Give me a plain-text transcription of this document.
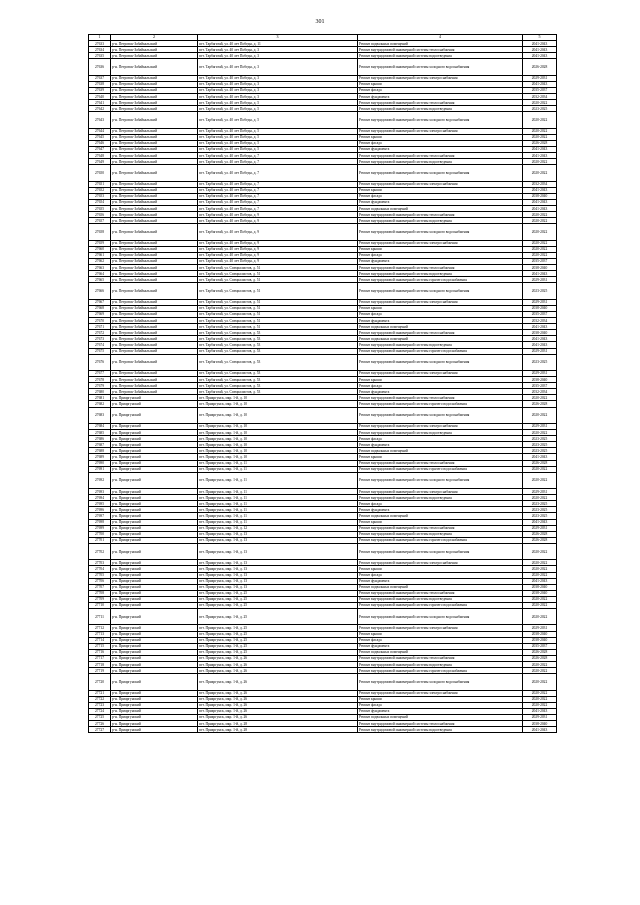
301
1	2	3	4	5
27633	р-н. Петровск-Забайкальский	пгт. Тарбагатай, ул. 40 лет Победы, д. 11	Ремонт подвальных помещений	2041-2043
27634	р-н. Петровск-Забайкальский	пгт. Тарбагатай, ул. 40 лет Победы, д. 3	Ремонт внутридомовой инженерной системы теплоснабжения	2041-2043
27635	р-н. Петровск-Забайкальский	пгт. Тарбагатай, ул. 40 лет Победы, д. 3	Ремонт внутридомовой инженерной системы водоотведения	2041-2043
27636	р-н. Петровск-Забайкальский	пгт. Тарбагатай, ул. 40 лет Победы, д. 3	Ремонт внутридомовой инженерной системы холодного водоснабжения	2026-2028
27637	р-н. Петровск-Забайкальский	пгт. Тарбагатай, ул. 40 лет Победы, д. 3	Ремонт внутридомовой инженерной системы электроснабжения	2029-2031
27638	р-н. Петровск-Забайкальский	пгт. Тарбагатай, ул. 40 лет Победы, д. 3	Ремонт крыши	2041-2043
27639	р-н. Петровск-Забайкальский	пгт. Тарбагатай, ул. 40 лет Победы, д. 3	Ремонт фасада	2035-2037
27640	р-н. Петровск-Забайкальский	пгт. Тарбагатай, ул. 40 лет Победы, д. 3	Ремонт фундамента	2032-2034
27641	р-н. Петровск-Забайкальский	пгт. Тарбагатай, ул. 40 лет Победы, д. 5	Ремонт внутридомовой инженерной системы теплоснабжения	2020-2022
27642	р-н. Петровск-Забайкальский	пгт. Тарбагатай, ул. 40 лет Победы, д. 5	Ремонт внутридомовой инженерной системы водоотведения	2023-2025
27643	р-н. Петровск-Забайкальский	пгт. Тарбагатай, ул. 40 лет Победы, д. 5	Ремонт внутридомовой инженерной системы холодного водоснабжения	2020-2022
27644	р-н. Петровск-Забайкальский	пгт. Тарбагатай, ул. 40 лет Победы, д. 5	Ремонт внутридомовой инженерной системы электроснабжения	2020-2022
27645	р-н. Петровск-Забайкальский	пгт. Тарбагатай, ул. 40 лет Победы, д. 5	Ремонт крыши	2020-2022
27646	р-н. Петровск-Забайкальский	пгт. Тарбагатай, ул. 40 лет Победы, д. 5	Ремонт фасада	2026-2028
27647	р-н. Петровск-Забайкальский	пгт. Тарбагатай, ул. 40 лет Победы, д. 5	Ремонт фундамента	2041-2043
27648	р-н. Петровск-Забайкальский	пгт. Тарбагатай, ул. 40 лет Победы, д. 7	Ремонт внутридомовой инженерной системы теплоснабжения	2041-2043
27649	р-н. Петровск-Забайкальский	пгт. Тарбагатай, ул. 40 лет Победы, д. 7	Ремонт внутридомовой инженерной системы водоотведения	2020-2022
27650	р-н. Петровск-Забайкальский	пгт. Тарбагатай, ул. 40 лет Победы, д. 7	Ремонт внутридомовой инженерной системы холодного водоснабжения	2020-2022
27651	р-н. Петровск-Забайкальский	пгт. Тарбагатай, ул. 40 лет Победы, д. 7	Ремонт внутридомовой инженерной системы электроснабжения	2032-2034
27652	р-н. Петровск-Забайкальский	пгт. Тарбагатай, ул. 40 лет Победы, д. 7	Ремонт крыши	2041-2043
27653	р-н. Петровск-Забайкальский	пгт. Тарбагатай, ул. 40 лет Победы, д. 7	Ремонт фасада	2038-2040
27654	р-н. Петровск-Забайкальский	пгт. Тарбагатай, ул. 40 лет Победы, д. 7	Ремонт фундамента	2041-2043
27655	р-н. Петровск-Забайкальский	пгт. Тарбагатай, ул. 40 лет Победы, д. 7	Ремонт подвальных помещений	2041-2043
27656	р-н. Петровск-Забайкальский	пгт. Тарбагатай, ул. 40 лет Победы, д. 9	Ремонт внутридомовой инженерной системы теплоснабжения	2020-2022
27657	р-н. Петровск-Забайкальский	пгт. Тарбагатай, ул. 40 лет Победы, д. 9	Ремонт внутридомовой инженерной системы водоотведения	2020-2022
27658	р-н. Петровск-Забайкальский	пгт. Тарбагатай, ул. 40 лет Победы, д. 9	Ремонт внутридомовой инженерной системы холодного водоснабжения	2020-2022
27659	р-н. Петровск-Забайкальский	пгт. Тарбагатай, ул. 40 лет Победы, д. 9	Ремонт внутридомовой инженерной системы электроснабжения	2020-2022
27660	р-н. Петровск-Забайкальский	пгт. Тарбагатай, ул. 40 лет Победы, д. 9	Ремонт крыши	2020-2022
27661	р-н. Петровск-Забайкальский	пгт. Тарбагатай, ул. 40 лет Победы, д. 9	Ремонт фасада	2020-2022
27662	р-н. Петровск-Забайкальский	пгт. Тарбагатай, ул. 40 лет Победы, д. 9	Ремонт фундамента	2035-2037
27663	р-н. Петровск-Забайкальский	пгт. Тарбагатай, ул. Специалистов, д. 51	Ремонт внутридомовой инженерной системы теплоснабжения	2038-2040
27664	р-н. Петровск-Забайкальский	пгт. Тарбагатай, ул. Специалистов, д. 51	Ремонт внутридомовой инженерной системы водоотведения	2041-2043
27665	р-н. Петровск-Забайкальский	пгт. Тарбагатай, ул. Специалистов, д. 51	Ремонт внутридомовой инженерной системы горячего водоснабжения	2029-2031
27666	р-н. Петровск-Забайкальский	пгт. Тарбагатай, ул. Специалистов, д. 51	Ремонт внутридомовой инженерной системы холодного водоснабжения	2023-2025
27667	р-н. Петровск-Забайкальский	пгт. Тарбагатай, ул. Специалистов, д. 51	Ремонт внутридомовой инженерной системы электроснабжения	2029-2031
27668	р-н. Петровск-Забайкальский	пгт. Тарбагатай, ул. Специалистов, д. 51	Ремонт крыши	2038-2040
27669	р-н. Петровск-Забайкальский	пгт. Тарбагатай, ул. Специалистов, д. 51	Ремонт фасада	2035-2037
27670	р-н. Петровск-Забайкальский	пгт. Тарбагатай, ул. Специалистов, д. 51	Ремонт фундамента	2032-2034
27671	р-н. Петровск-Забайкальский	пгт. Тарбагатай, ул. Специалистов, д. 51	Ремонт подвальных помещений	2041-2043
27672	р-н. Петровск-Забайкальский	пгт. Тарбагатай, ул. Специалистов, д. 53	Ремонт внутридомовой инженерной системы теплоснабжения	2038-2040
27673	р-н. Петровск-Забайкальский	пгт. Тарбагатай, ул. Специалистов, д. 53	Ремонт подвальных помещений	2041-2043
27674	р-н. Петровск-Забайкальский	пгт. Тарбагатай, ул. Специалистов, д. 53	Ремонт внутридомовой инженерной системы водоотведения	2041-2043
27675	р-н. Петровск-Забайкальский	пгт. Тарбагатай, ул. Специалистов, д. 53	Ремонт внутридомовой инженерной системы горячего водоснабжения	2029-2031
27676	р-н. Петровск-Забайкальский	пгт. Тарбагатай, ул. Специалистов, д. 53	Ремонт внутридомовой инженерной системы холодного водоснабжения	2023-2025
27677	р-н. Петровск-Забайкальский	пгт. Тарбагатай, ул. Специалистов, д. 53	Ремонт внутридомовой инженерной системы электроснабжения	2029-2031
27678	р-н. Петровск-Забайкальский	пгт. Тарбагатай, ул. Специалистов, д. 53	Ремонт крыши	2038-2040
27679	р-н. Петровск-Забайкальский	пгт. Тарбагатай, ул. Специалистов, д. 53	Ремонт фасада	2035-2037
27680	р-н. Петровск-Забайкальский	пгт. Тарбагатай, ул. Специалистов, д. 53	Ремонт фундамента	2032-2034
27681	р-н. Приаргунский	пгт. Приаргунск, мкр. 1-й, д. 10	Ремонт внутридомовой инженерной системы теплоснабжения	2020-2022
27682	р-н. Приаргунский	пгт. Приаргунск, мкр. 1-й, д. 10	Ремонт внутридомовой инженерной системы горячего водоснабжения	2026-2028
27683	р-н. Приаргунский	пгт. Приаргунск, мкр. 1-й, д. 10	Ремонт внутридомовой инженерной системы холодного водоснабжения	2020-2022
27684	р-н. Приаргунский	пгт. Приаргунск, мкр. 1-й, д. 10	Ремонт внутридомовой инженерной системы электроснабжения	2029-2031
27685	р-н. Приаргунский	пгт. Приаргунск, мкр. 1-й, д. 10	Ремонт внутридомовой инженерной системы водоотведения	2020-2022
27686	р-н. Приаргунский	пгт. Приаргунск, мкр. 1-й, д. 10	Ремонт фасада	2023-2025
27687	р-н. Приаргунский	пгт. Приаргунск, мкр. 1-й, д. 10	Ремонт фундамента	2023-2025
27688	р-н. Приаргунский	пгт. Приаргунск, мкр. 1-й, д. 10	Ремонт подвальных помещений	2023-2025
27689	р-н. Приаргунский	пгт. Приаргунск, мкр. 1-й, д. 10	Ремонт крыши	2041-2043
27690	р-н. Приаргунский	пгт. Приаргунск, мкр. 1-й, д. 11	Ремонт внутридомовой инженерной системы теплоснабжения	2026-2028
27691	р-н. Приаргунский	пгт. Приаргунск, мкр. 1-й, д. 11	Ремонт внутридомовой инженерной системы горячего водоснабжения	2020-2022
27692	р-н. Приаргунский	пгт. Приаргунск, мкр. 1-й, д. 11	Ремонт внутридомовой инженерной системы холодного водоснабжения	2020-2022
27693	р-н. Приаргунский	пгт. Приаргунск, мкр. 1-й, д. 11	Ремонт внутридомовой инженерной системы электроснабжения	2029-2031
27694	р-н. Приаргунский	пгт. Приаргунск, мкр. 1-й, д. 11	Ремонт внутридомовой инженерной системы водоотведения	2020-2022
27695	р-н. Приаргунский	пгт. Приаргунск, мкр. 1-й, д. 11	Ремонт фасада	2023-2025
27696	р-н. Приаргунский	пгт. Приаргунск, мкр. 1-й, д. 11	Ремонт фундамента	2023-2025
27697	р-н. Приаргунский	пгт. Приаргунск, мкр. 1-й, д. 11	Ремонт подвальных помещений	2023-2025
27698	р-н. Приаргунский	пгт. Приаргунск, мкр. 1-й, д. 11	Ремонт крыши	2041-2043
27699	р-н. Приаргунский	пгт. Приаргунск, мкр. 1-й, д. 12	Ремонт внутридомовой инженерной системы теплоснабжения	2029-2031
27700	р-н. Приаргунский	пгт. Приаргунск, мкр. 1-й, д. 13	Ремонт внутридомовой инженерной системы водоотведения	2026-2028
27701	р-н. Приаргунский	пгт. Приаргунск, мкр. 1-й, д. 13	Ремонт внутридомовой инженерной системы горячего водоснабжения	2026-2028
27702	р-н. Приаргунский	пгт. Приаргунск, мкр. 1-й, д. 13	Ремонт внутридомовой инженерной системы холодного водоснабжения	2020-2022
27703	р-н. Приаргунский	пгт. Приаргунск, мкр. 1-й, д. 13	Ремонт внутридомовой инженерной системы электроснабжения	2020-2022
27704	р-н. Приаргунский	пгт. Приаргунск, мкр. 1-й, д. 13	Ремонт крыши	2020-2022
27705	р-н. Приаргунский	пгт. Приаргунск, мкр. 1-й, д. 13	Ремонт фасада	2020-2022
27706	р-н. Приаргунский	пгт. Приаргунск, мкр. 1-й, д. 13	Ремонт фундамента	2041-2043
27707	р-н. Приаргунский	пгт. Приаргунск, мкр. 1-й, д. 13	Ремонт подвальных помещений	2038-2040
27708	р-н. Приаргунский	пгт. Приаргунск, мкр. 1-й, д. 25	Ремонт внутридомовой инженерной системы теплоснабжения	2038-2040
27709	р-н. Приаргунский	пгт. Приаргунск, мкр. 1-й, д. 25	Ремонт внутридомовой инженерной системы водоотведения	2020-2022
27710	р-н. Приаргунский	пгт. Приаргунск, мкр. 1-й, д. 25	Ремонт внутридомовой инженерной системы горячего водоснабжения	2020-2022
27711	р-н. Приаргунский	пгт. Приаргунск, мкр. 1-й, д. 25	Ремонт внутридомовой инженерной системы холодного водоснабжения	2020-2022
27712	р-н. Приаргунский	пгт. Приаргунск, мкр. 1-й, д. 25	Ремонт внутридомовой инженерной системы электроснабжения	2029-2031
27713	р-н. Приаргунский	пгт. Приаргунск, мкр. 1-й, д. 25	Ремонт крыши	2038-2040
27714	р-н. Приаргунский	пгт. Приаргунск, мкр. 1-й, д. 25	Ремонт фасада	2038-2040
27715	р-н. Приаргунский	пгт. Приаргунск, мкр. 1-й, д. 25	Ремонт фундамента	2035-2037
27716	р-н. Приаргунский	пгт. Приаргунск, мкр. 1-й, д. 25	Ремонт подвальных помещений	2026-2028
27717	р-н. Приаргунский	пгт. Приаргунск, мкр. 1-й, д. 26	Ремонт внутридомовой инженерной системы теплоснабжения	2026-2028
27718	р-н. Приаргунский	пгт. Приаргунск, мкр. 1-й, д. 26	Ремонт внутридомовой инженерной системы водоотведения	2020-2022
27719	р-н. Приаргунский	пгт. Приаргунск, мкр. 1-й, д. 26	Ремонт внутридомовой инженерной системы горячего водоснабжения	2020-2022
27720	р-н. Приаргунский	пгт. Приаргунск, мкр. 1-й, д. 26	Ремонт внутридомовой инженерной системы холодного водоснабжения	2020-2022
27721	р-н. Приаргунский	пгт. Приаргунск, мкр. 1-й, д. 26	Ремонт внутридомовой инженерной системы электроснабжения	2020-2022
27722	р-н. Приаргунский	пгт. Приаргунск, мкр. 1-й, д. 26	Ремонт крыши	2020-2022
27723	р-н. Приаргунский	пгт. Приаргунск, мкр. 1-й, д. 26	Ремонт фасада	2020-2022
27724	р-н. Приаргунский	пгт. Приаргунск, мкр. 1-й, д. 26	Ремонт фундамента	2041-2043
27725	р-н. Приаргунский	пгт. Приаргунск, мкр. 1-й, д. 26	Ремонт подвальных помещений	2029-2031
27726	р-н. Приаргунский	пгт. Приаргунск, мкр. 1-й, д. 28	Ремонт внутридомовой инженерной системы теплоснабжения	2038-2040
27727	р-н. Приаргунский	пгт. Приаргунск, мкр. 1-й, д. 28	Ремонт внутридомовой инженерной системы водоотведения	2041-2043
